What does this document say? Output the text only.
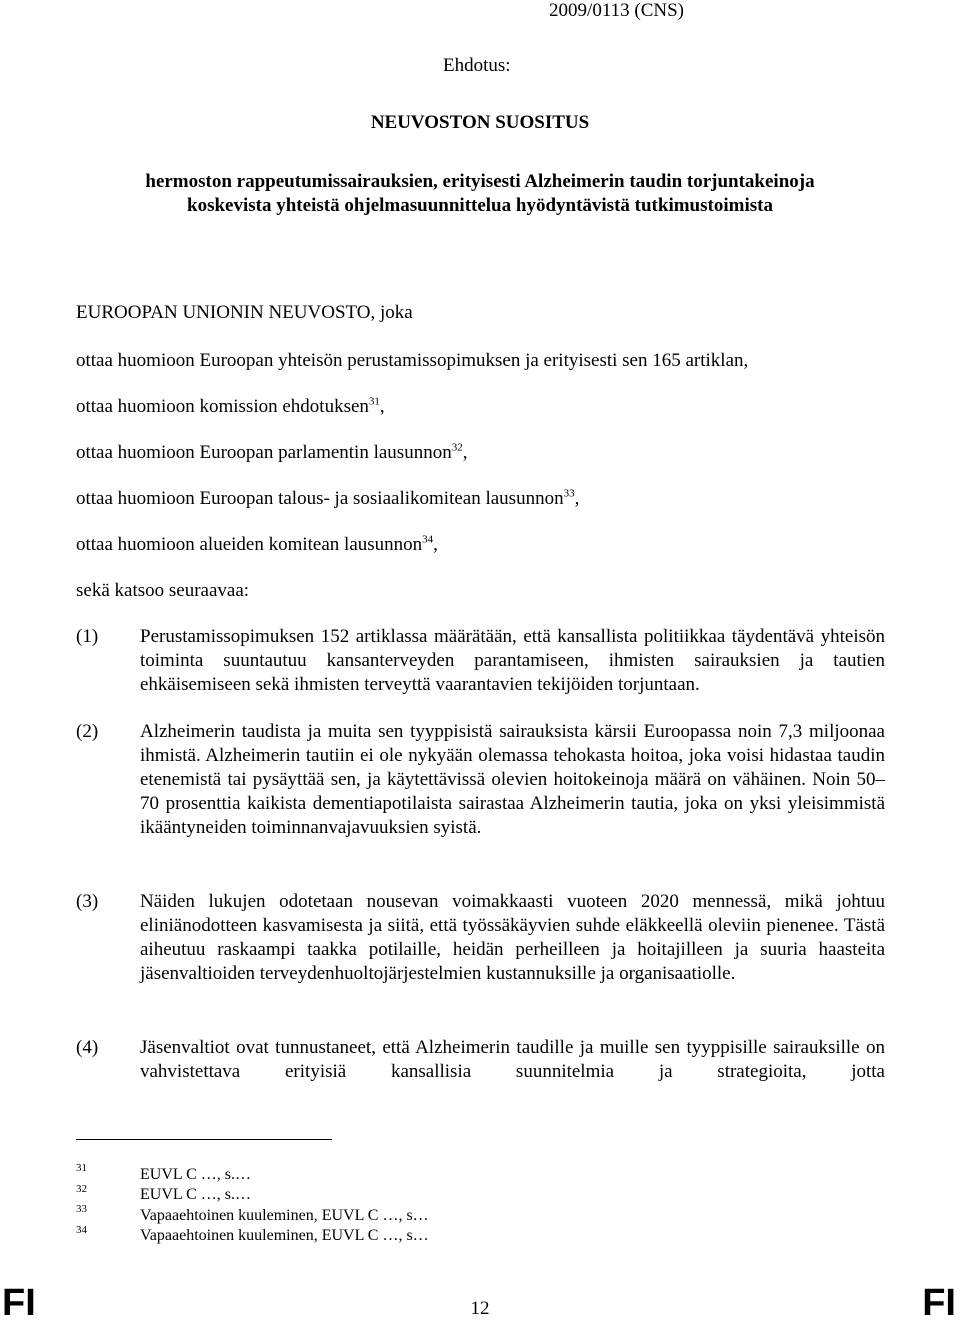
2009/0113 (CNS)
Ehdotus:
NEUVOSTON SUOSITUS
hermoston rappeutumissairauksien, erityisesti Alzheimerin taudin torjuntakeinoja
koskevista yhteistä ohjelmasuunnittelua hyödyntävistä tutkimustoimista
EUROOPAN UNIONIN NEUVOSTO, joka
ottaa huomioon Euroopan yhteisön perustamissopimuksen ja erityisesti sen 165 artiklan,
ottaa huomioon komission ehdotuksen$^{31}$,
ottaa huomioon Euroopan parlamentin lausunnon$^{32}$,
ottaa huomioon Euroopan talous- ja sosiaalikomitean lausunnon$^{33}$,
ottaa huomioon alueiden komitean lausunnon$^{34}$,
sekä katsoo seuraavaa:
(1) Perustamissopimuksen 152 artiklassa määrätään, että kansallista politiikkaa täydentävä yhteisön toiminta suuntautuu kansanterveyden parantamiseen, ihmisten sairauksien ja tautien ehkäisemiseen sekä ihmisten terveyttä vaarantavien tekijöiden torjuntaan.
(2) Alzheimerin taudista ja muita sen tyyppisistä sairauksista kärsii Euroopassa noin 7,3 miljoonaa ihmistä. Alzheimerin tautiin ei ole nykyään olemassa tehokasta hoitoa, joka voisi hidastaa taudin etenemistä tai pysäyttää sen, ja käytettävissä olevien hoitokeinoja määrä on vähäinen. Noin 50–70 prosenttia kaikista dementiapotilaista sairastaa Alzheimerin tautia, joka on yksi yleisimmistä ikääntyneiden toiminnanvajavuuksien syistä.
(3) Näiden lukujen odotetaan nousevan voimakkaasti vuoteen 2020 mennessä, mikä johtuu eliniänodotteen kasvamisesta ja siitä, että työssäkäyvien suhde eläkkeellä oleviin pienenee. Tästä aiheutuu raskaampi taakka potilaille, heidän perheilleen ja hoitajilleen ja suuria haasteita jäsenvaltioiden terveydenhuoltojärjestelmien kustannuksille ja organisaatiolle.
(4) Jäsenvaltiot ovat tunnustaneet, että Alzheimerin taudille ja muille sen tyyppisille sairauksille on vahvistettava erityisiä kansallisia suunnitelmia ja strategioita, jotta
31	EUVL C …, s.…
32	EUVL C …, s.…
33	Vapaaehtoinen kuuleminen, EUVL C …, s…
34	Vapaaehtoinen kuuleminen, EUVL C …, s…
FI	12	FI
